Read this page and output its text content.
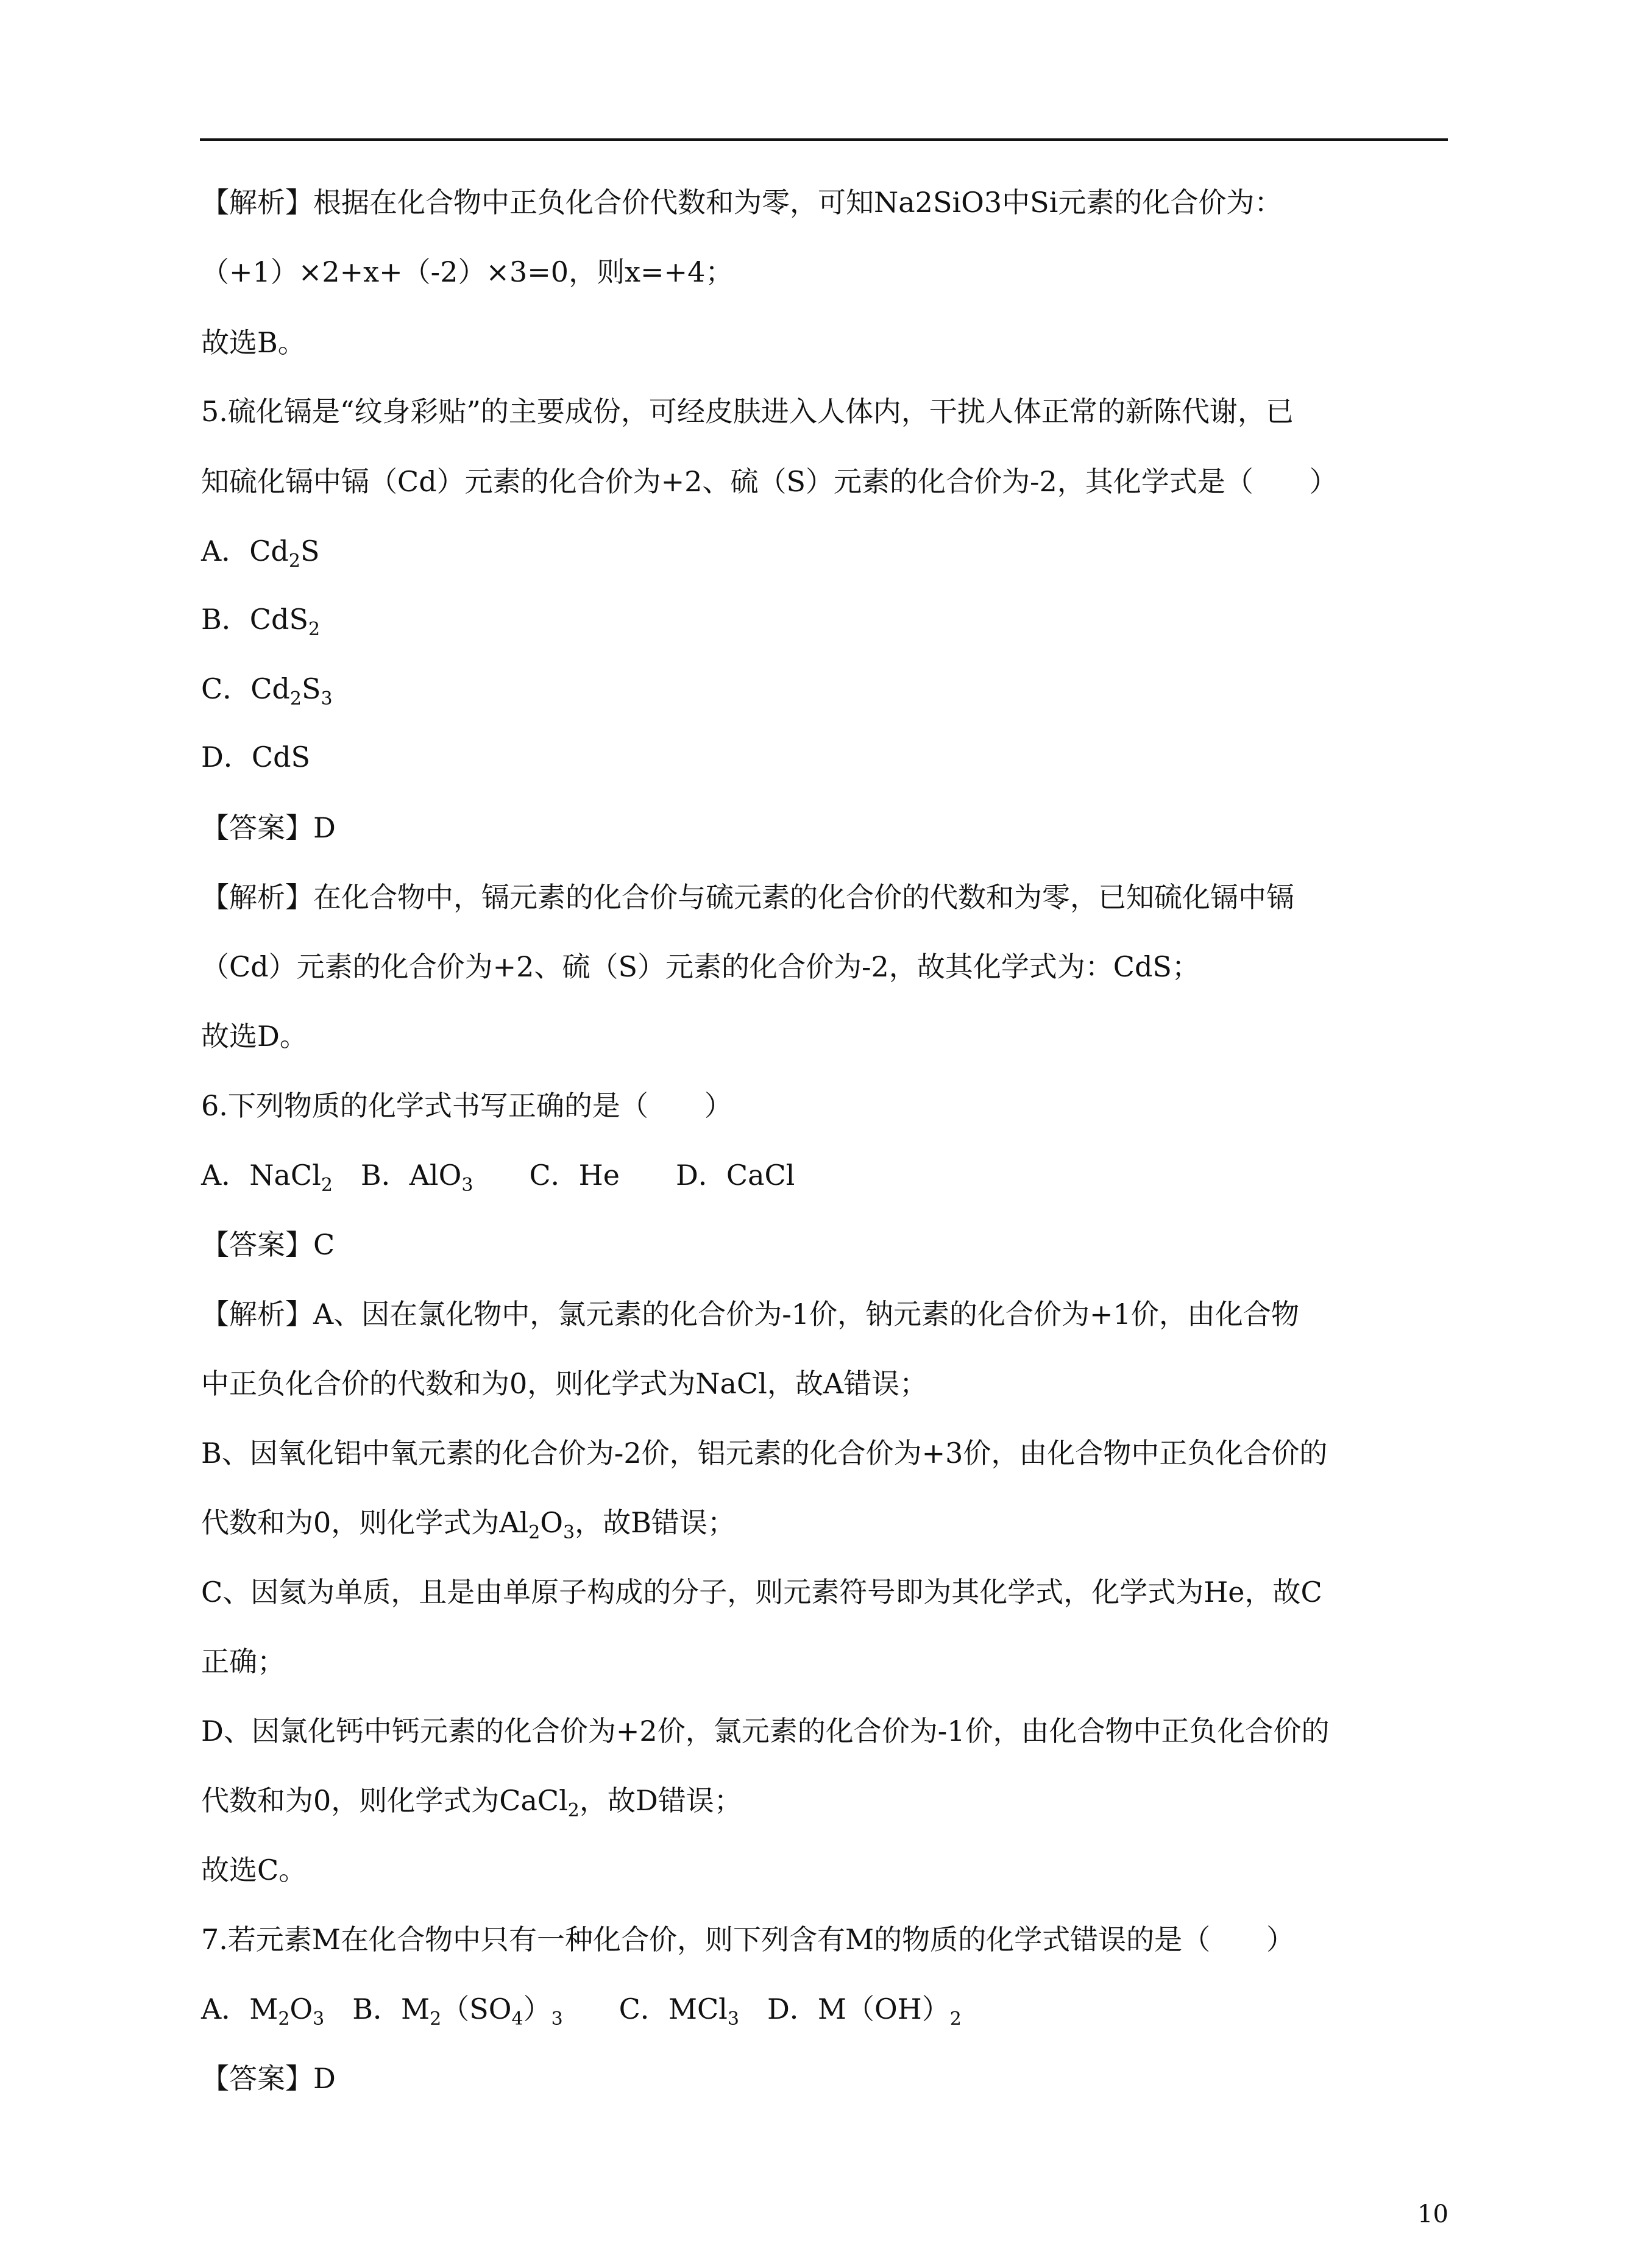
【解析】根据在化合物中正负化合价代数和为零，可知Na2SiO3中Si元素的化合价为：
（+1）×2+x+（-2）×3=0，则x=+4；
故选B。
5.硫化镉是“纹身彩贴”的主要成份，可经皮肤进入人体内，干扰人体正常的新陈代谢，已
知硫化镉中镉（Cd）元素的化合价为+2、硫（S）元素的化合价为-2，其化学式是（　　）
A．$Cd_2S$
B．CdS$_2$
C．$Cd_2S_3$
D．CdS
【答案】D
【解析】在化合物中，镉元素的化合价与硫元素的化合价的代数和为零，已知硫化镉中镉
（Cd）元素的化合价为+2、硫（S）元素的化合价为-2，故其化学式为：CdS；
故选D。
6.下列物质的化学式书写正确的是（　　）
A．NaCl$_2$　B．AlO$_3$　　C．He　　D．CaCl
【答案】C
【解析】A、因在氯化物中，氯元素的化合价为-1价，钠元素的化合价为+1价，由化合物
中正负化合价的代数和为0，则化学式为NaCl，故A错误；
B、因氧化铝中氧元素的化合价为-2价，铝元素的化合价为+3价，由化合物中正负化合价的
代数和为0，则化学式为$Al_2O_3$，故B错误；
C、因氦为单质，且是由单原子构成的分子，则元素符号即为其化学式，化学式为He，故C
正确；
D、因氯化钙中钙元素的化合价为+2价，氯元素的化合价为-1价，由化合物中正负化合价的
代数和为0，则化学式为CaCl$_2$，故D错误；
故选C。
7.若元素M在化合物中只有一种化合价，则下列含有M的物质的化学式错误的是（　　）
A．$M_2O_3$　B．$M_2(SO_4)_3$　　C．MCl$_3$　D．$M(OH)_2$
【答案】D
10
